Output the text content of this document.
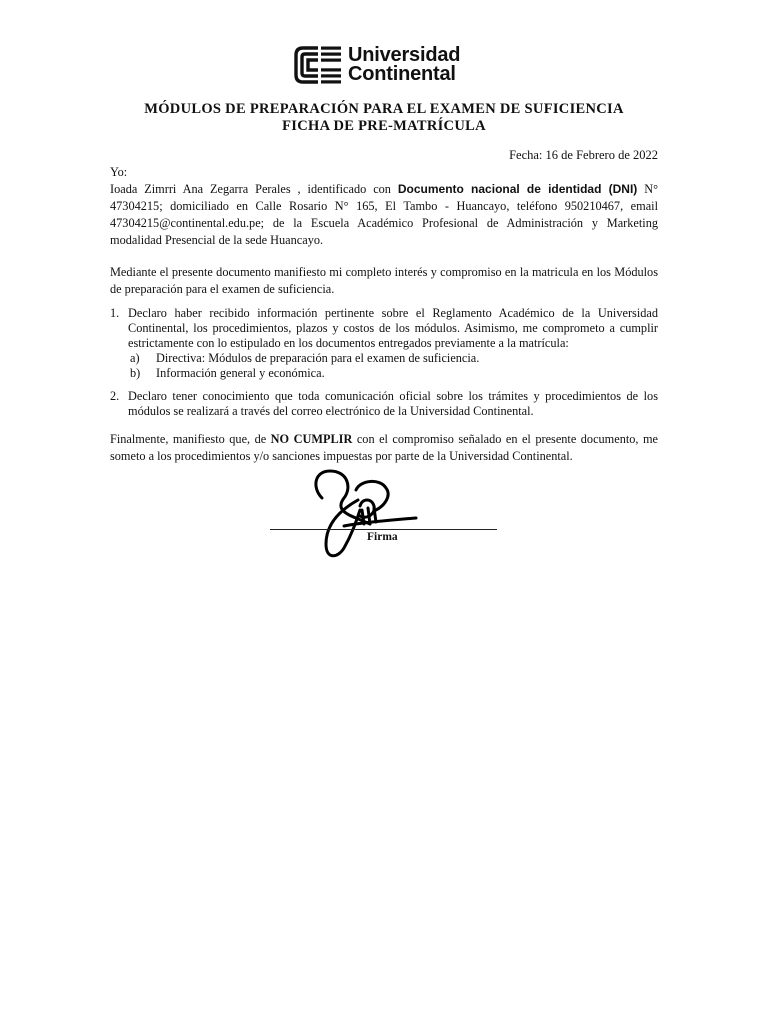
Universidad
Continental
MÓDULOS DE PREPARACIÓN PARA EL EXAMEN DE SUFICIENCIA
FICHA DE PRE-MATRÍCULA
Fecha: 16 de Febrero de 2022
Yo:
Ioada Zimrri Ana Zegarra Perales , identificado con Documento nacional de identidad (DNI) N° 47304215; domiciliado en Calle Rosario N° 165, El Tambo - Huancayo, teléfono 950210467, email 47304215@continental.edu.pe; de la Escuela Académico Profesional de Administración y Marketing modalidad Presencial de la sede Huancayo.
Mediante el presente documento manifiesto mi completo interés y compromiso en la matricula en los Módulos de preparación para el examen de suficiencia.
1. Declaro haber recibido información pertinente sobre el Reglamento Académico de la Universidad Continental, los procedimientos, plazos y costos de los módulos. Asimismo, me comprometo a cumplir estrictamente con lo estipulado en los documentos entregados previamente a la matrícula:
a) Directiva: Módulos de preparación para el examen de suficiencia.
b) Información general y económica.
2. Declaro tener conocimiento que toda comunicación oficial sobre los trámites y procedimientos de los módulos se realizará a través del correo electrónico de la Universidad Continental.
Finalmente, manifiesto que, de NO CUMPLIR con el compromiso señalado en el presente documento, me someto a los procedimientos y/o sanciones impuestas por parte de la Universidad Continental.
Firma
